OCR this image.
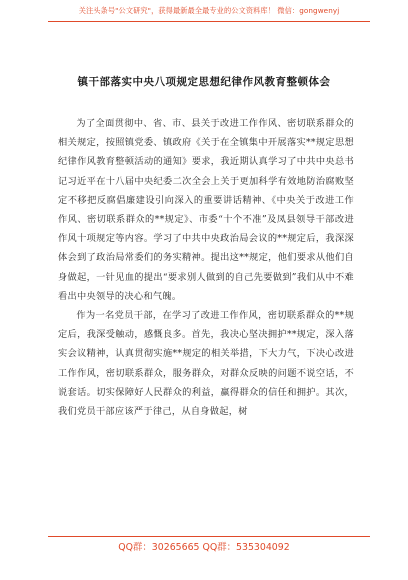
关注头条号"公文研究"，获得最新最全最专业的公文资料库！ 微信：gongwenyj
镇干部落实中央八项规定思想纪律作风教育整顿体会

为了全面贯彻中、省、市、县关于改进工作作风、密切联系群众的相关规定，按照镇党委、镇政府《关于在全镇集中开展落实**规定思想纪律作风教育整顿活动的通知》要求，我近期认真学习了中共中央总书记习近平在十八届中央纪委二次全会上关于更加科学有效地防治腐败坚定不移把反腐倡廉建设引向深入的重要讲话精神、《中央关于改进工作作风、密切联系群众的**规定》、市委“十个不准”及凤县领导干部改进作风十项规定等内容。学习了中共中央政治局会议的**规定后，我深深体会到了政治局常委们的务实精神。提出这**规定，他们要求从他们自身做起，一针见血的提出“要求别人做到的自己先要做到”我们从中不难看出中央领导的决心和气魄。

作为一名党员干部，在学习了改进工作作风，密切联系群众的**规定后，我深受触动，感慨良多。首先，我决心坚决拥护**规定，深入落实会议精神，认真贯彻实施**规定的相关举措，下大力气，下决心改进工作作风，密切联系群众，服务群众，对群众反映的问题不说空话，不说套话。切实保障好人民群众的利益，赢得群众的信任和拥护。其次，我们党员干部应该严于律己，从自身做起，树

QQ群：30265665 QQ群：535304092
